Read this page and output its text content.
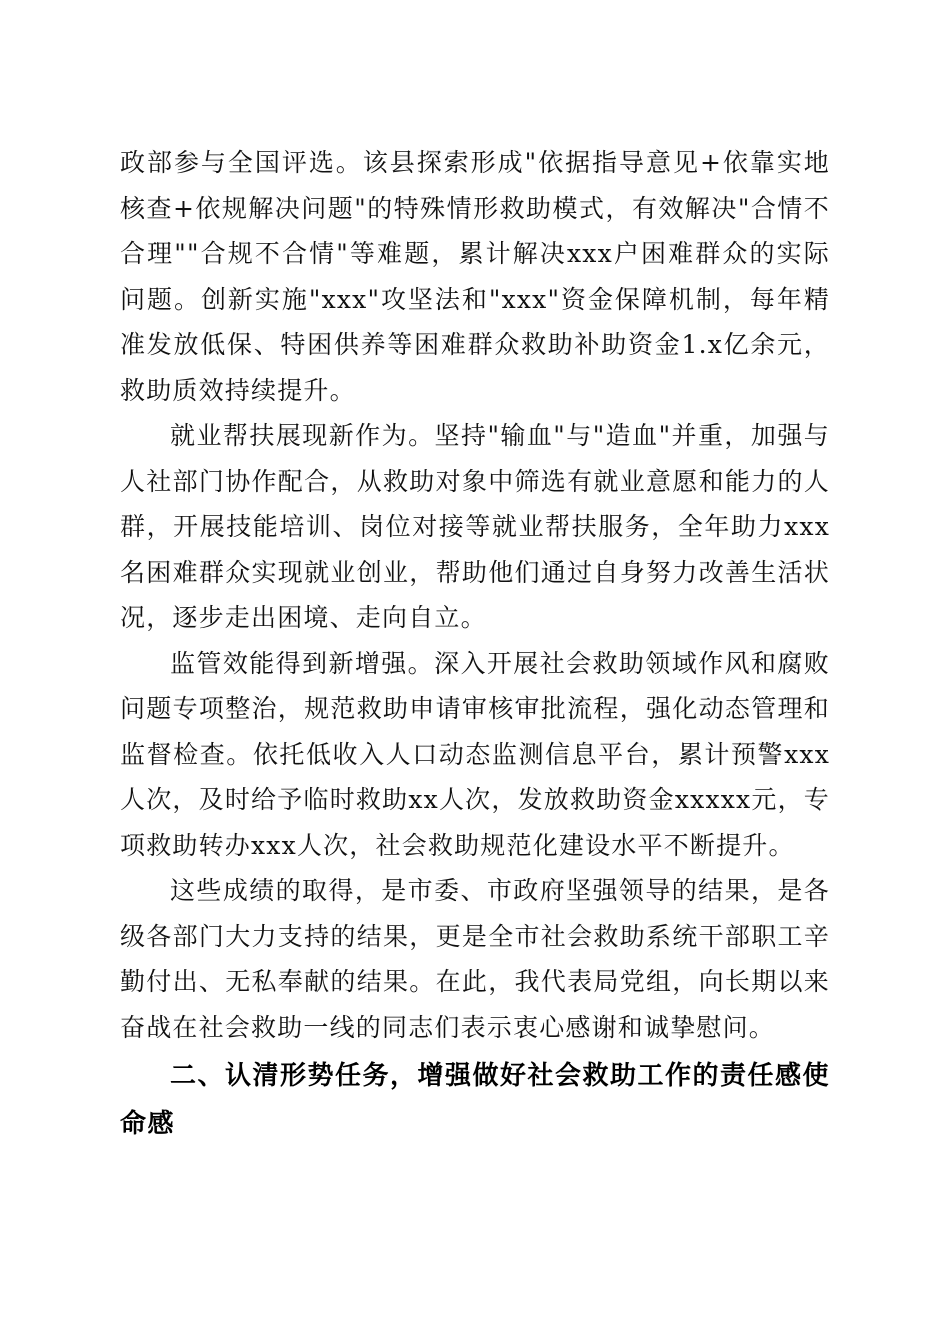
政部参与全国评选。该县探索形成"依据指导意见+依靠实地核查+依规解决问题"的特殊情形救助模式，有效解决"合情不合理""合规不合情"等难题，累计解决xxx户困难群众的实际问题。创新实施"xxx"攻坚法和"xxx"资金保障机制，每年精准发放低保、特困供养等困难群众救助补助资金1.x亿余元，救助质效持续提升。

就业帮扶展现新作为。坚持"输血"与"造血"并重，加强与人社部门协作配合，从救助对象中筛选有就业意愿和能力的人群，开展技能培训、岗位对接等就业帮扶服务，全年助力xxx名困难群众实现就业创业，帮助他们通过自身努力改善生活状况，逐步走出困境、走向自立。

监管效能得到新增强。深入开展社会救助领域作风和腐败问题专项整治，规范救助申请审核审批流程，强化动态管理和监督检查。依托低收入人口动态监测信息平台，累计预警xxx人次，及时给予临时救助xx人次，发放救助资金xxxxx元，专项救助转办xxx人次，社会救助规范化建设水平不断提升。

这些成绩的取得，是市委、市政府坚强领导的结果，是各级各部门大力支持的结果，更是全市社会救助系统干部职工辛勤付出、无私奉献的结果。在此，我代表局党组，向长期以来奋战在社会救助一线的同志们表示衷心感谢和诚挚慰问。

二、认清形势任务，增强做好社会救助工作的责任感使命感
